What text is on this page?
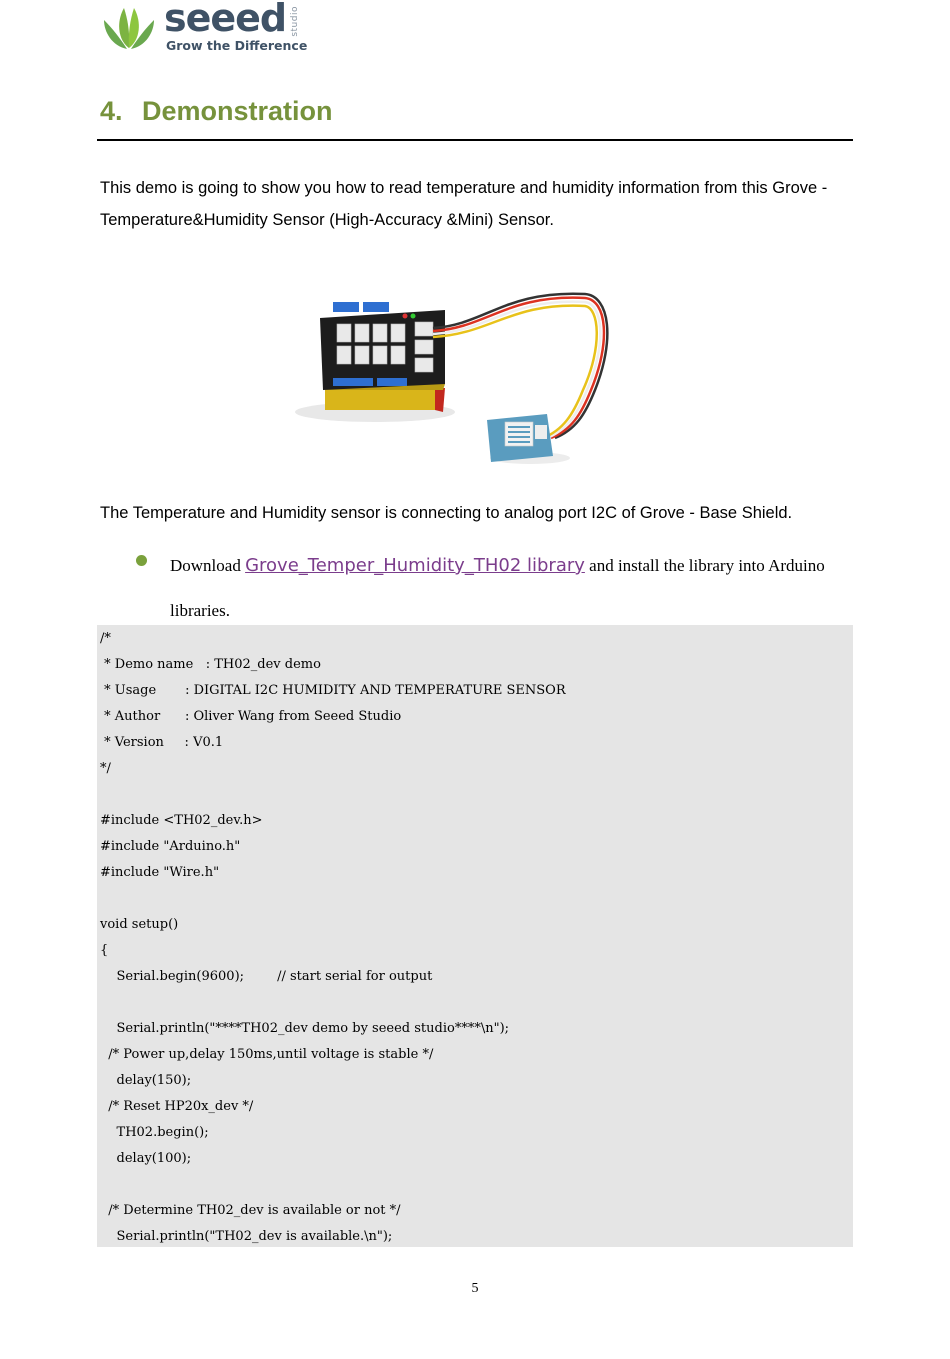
seeed studio
Grow the Difference
4. Demonstration
This demo is going to show you how to read temperature and humidity information from this Grove - Temperature&Humidity Sensor (High-Accuracy &Mini) Sensor.
The Temperature and Humidity sensor is connecting to analog port I2C of Grove - Base Shield.
Download Grove_Temper_Humidity_TH02 library and install the library into Arduino libraries.
/*
* Demo name   : TH02_dev demo
* Usage       : DIGITAL I2C HUMIDITY AND TEMPERATURE SENSOR
* Author      : Oliver Wang from Seeed Studio
* Version     : V0.1
*/
#include <TH02_dev.h>
#include "Arduino.h"
#include "Wire.h"
void setup()
{
Serial.begin(9600);        // start serial for output
Serial.println("****TH02_dev demo by seeed studio****\n");
/* Power up,delay 150ms,until voltage is stable */
delay(150);
/* Reset HP20x_dev */
TH02.begin();
delay(100);
/* Determine TH02_dev is available or not */
Serial.println("TH02_dev is available.\n");
5
